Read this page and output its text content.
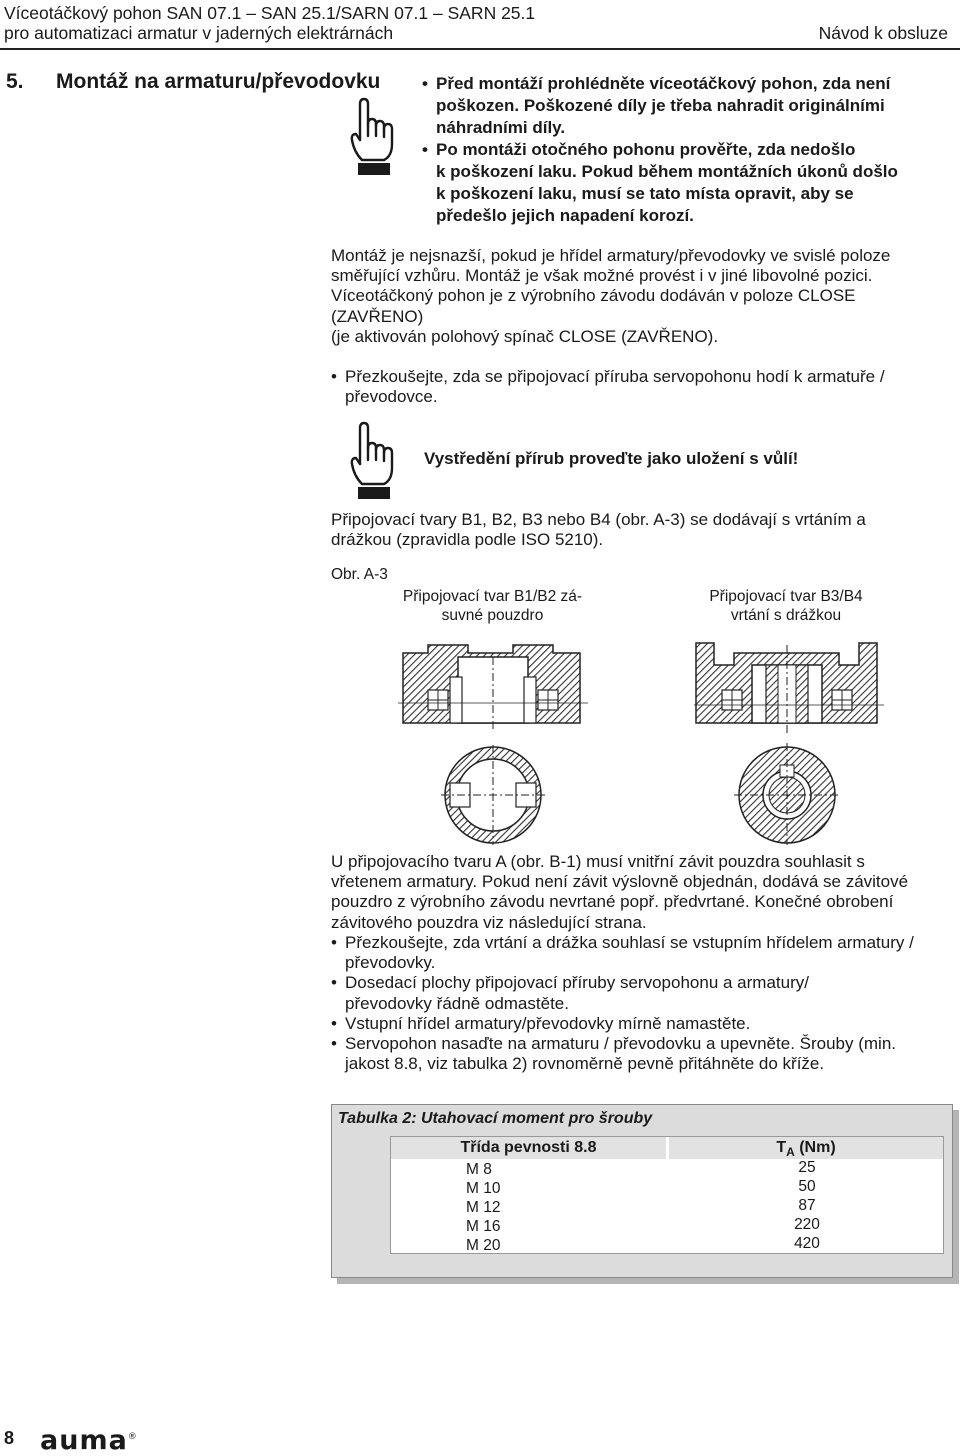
Víceotáčkový pohon SAN 07.1 – SAN 25.1/SARN 07.1 – SARN 25.1
pro automatizaci armatur v jaderných elektrárnách	Návod k obsluze
5. Montáž na armaturu/převodovku • Před montáží prohlédněte víceotáčkový pohon, zda není
poškozen. Poškozené díly je třeba nahradit originálními
náhradními díly.
• Po montáži otočného pohonu prověřte, zda nedošlo
k poškození laku. Pokud během montážních úkonů došlo
k poškození laku, musí se tato místa opravit, aby se
předešlo jejich napadení korozí.
Montáž je nejsnazší, pokud je hřídel armatury/převodovky ve svislé poloze
směřující vzhůru. Montáž je však možné provést i v jiné libovolné pozici.
Víceotáčkoný pohon je z výrobního závodu dodáván v poloze CLOSE
(ZAVŘENO)
(je aktivován polohový spínač CLOSE (ZAVŘENO).
• Přezkoušejte, zda se připojovací příruba servopohonu hodí k armatuře /
převodovce.
Vystředění přírub proveďte jako uložení s vůlí!
Připojovací tvary B1, B2, B3 nebo B4 (obr. A-3) se dodávají s vrtáním a
drážkou (zpravidla podle ISO 5210).
Obr. A-3
Připojovací tvar B1/B2 zá-
suvné pouzdro
Připojovací tvar B3/B4
vrtání s drážkou
U připojovacího tvaru A (obr. B-1) musí vnitřní závit pouzdra souhlasit s
vřetenem armatury. Pokud není závit výslovně objednán, dodává se závitové
pouzdro z výrobního závodu nevrtané popř. předvrtané. Konečné obrobení
závitového pouzdra viz následující strana.
• Přezkoušejte, zda vrtání a drážka souhlasí se vstupním hřídelem armatury /
převodovky.
• Dosedací plochy připojovací příruby servopohonu a armatury/
převodovky řádně odmastěte.
• Vstupní hřídel armatury/převodovky mírně namastěte.
• Servopohon nasaďte na armaturu / převodovku a upevněte. Šrouby (min.
jakost 8.8, viz tabulka 2) rovnoměrně pevně přitáhněte do kříže.
Tabulka 2: Utahovací moment pro šrouby
Třída pevnosti 8.8	$T_A$ (Nm)
M 8	25
M 10	50
M 12	87
M 16	220
M 20	420
8 auma®
